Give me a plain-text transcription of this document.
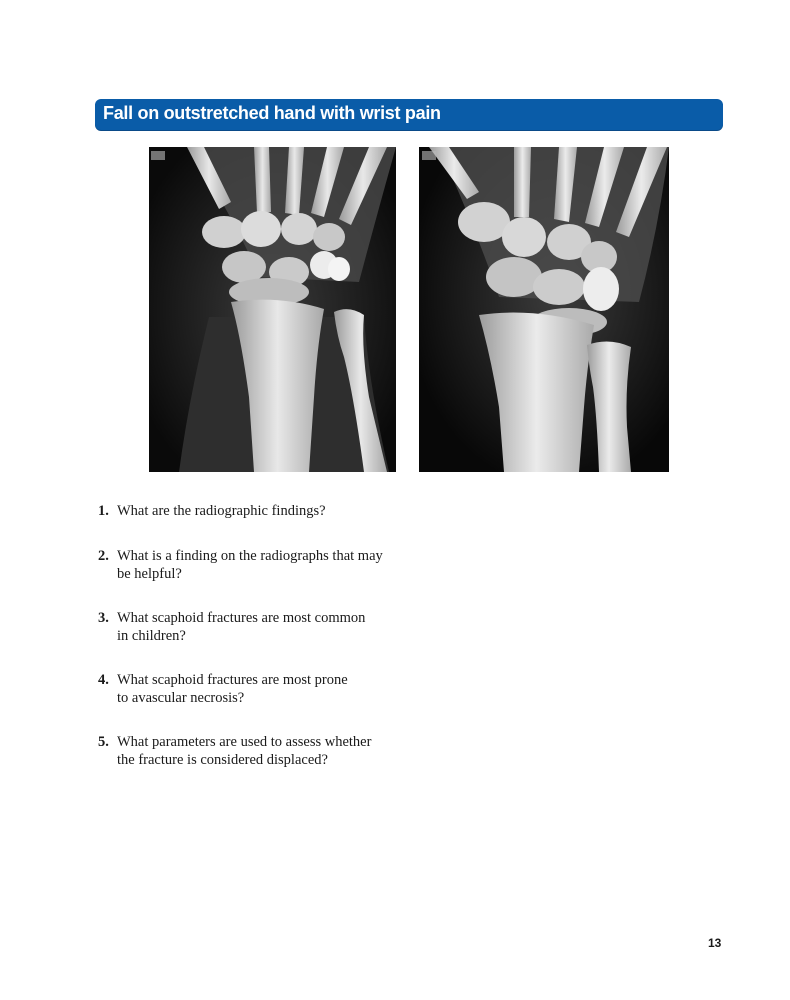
Fall on outstretched hand with wrist pain
1. What are the radiographic findings?
2. What is a finding on the radiographs that may
be helpful?
3. What scaphoid fractures are most common
in children?
4. What scaphoid fractures are most prone
to avascular necrosis?
5. What parameters are used to assess whether
the fracture is considered displaced?
13
